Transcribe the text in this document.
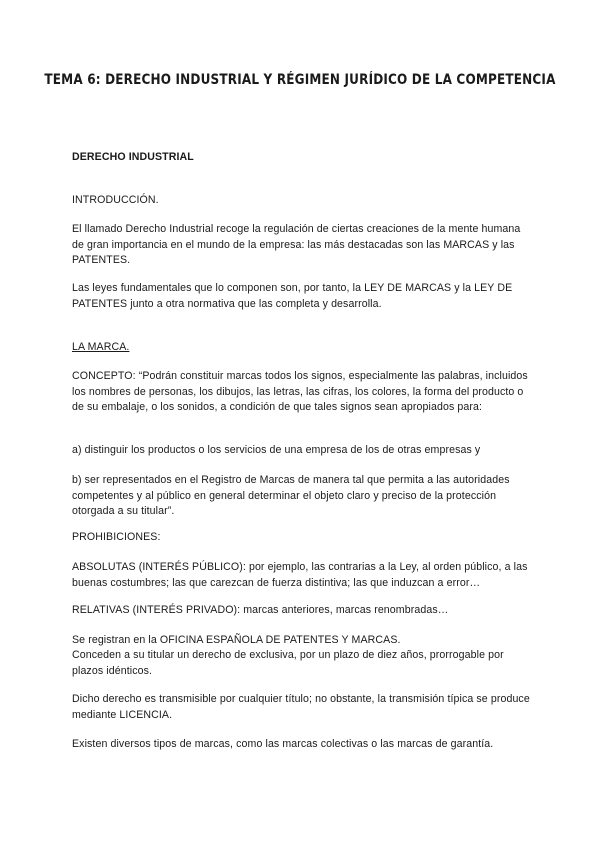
TEMA 6: DERECHO INDUSTRIAL Y RÉGIMEN JURÍDICO DE LA COMPETENCIA
DERECHO INDUSTRIAL
INTRODUCCIÓN.
El llamado Derecho Industrial recoge la regulación de ciertas creaciones de la mente humana de gran importancia en el mundo de la empresa: las más destacadas son las MARCAS y las PATENTES.
Las leyes fundamentales que lo componen son, por tanto, la LEY DE MARCAS y la LEY DE PATENTES junto a otra normativa que las completa y desarrolla.
LA MARCA.
CONCEPTO: “Podrán constituir marcas todos los signos, especialmente las palabras, incluidos los nombres de personas, los dibujos, las letras, las cifras, los colores, la forma del producto o de su embalaje, o los sonidos, a condición de que tales signos sean apropiados para:
a) distinguir los productos o los servicios de una empresa de los de otras empresas y
b) ser representados en el Registro de Marcas de manera tal que permita a las autoridades competentes y al público en general determinar el objeto claro y preciso de la protección otorgada a su titular”.
PROHIBICIONES:
ABSOLUTAS (INTERÉS PÚBLICO): por ejemplo, las contrarias a la Ley, al orden público, a las buenas costumbres; las que carezcan de fuerza distintiva; las que induzcan a error…
RELATIVAS (INTERÉS PRIVADO): marcas anteriores, marcas renombradas…
Se registran en la OFICINA ESPAÑOLA DE PATENTES Y MARCAS.
Conceden a su titular un derecho de exclusiva, por un plazo de diez años, prorrogable por plazos idénticos.
Dicho derecho es transmisible por cualquier título; no obstante, la transmisión típica se produce mediante LICENCIA.
Existen diversos tipos de marcas, como las marcas colectivas o las marcas de garantía.
